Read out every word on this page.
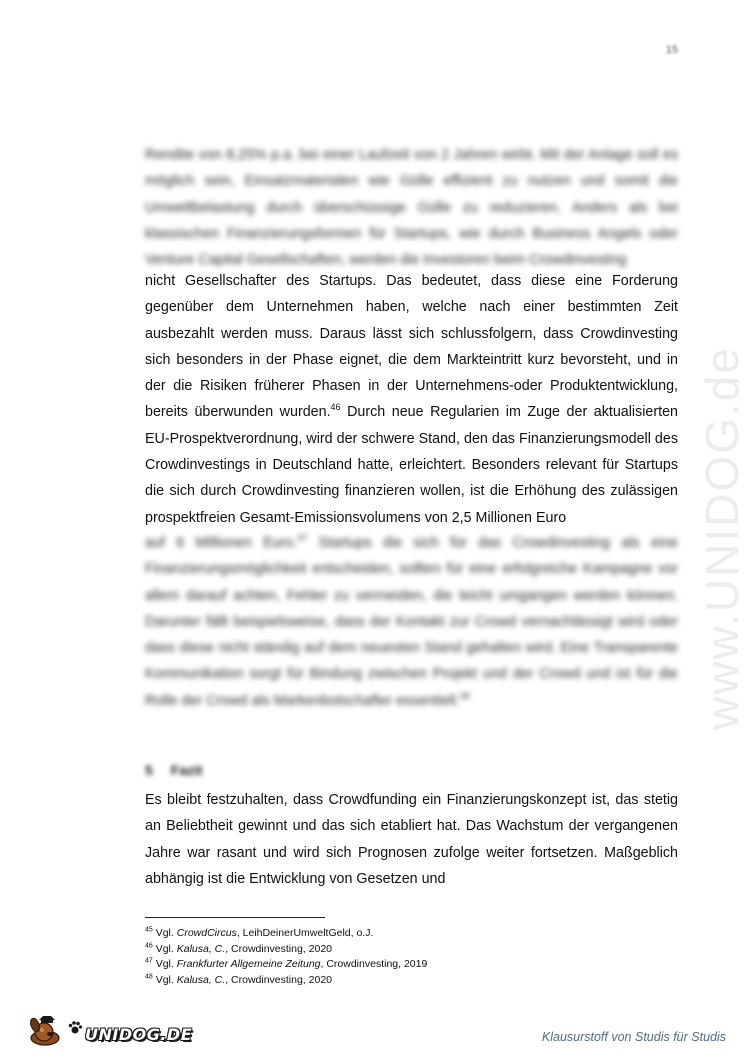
15
www.UNIDOG.de
Rendite von 8,25% p.a. bei einer Laufzeit von 2 Jahren wirbt. Mit der Anlage soll es möglich sein, Einsatzmaterialen wie Gülle effizient zu nutzen und somit die Umweltbelastung durch überschüssige Gülle zu reduzieren. Anders als bei klassischen Finanzierungsformen für Startups, wie durch Business Angels oder Venture Capital Gesellschaften, werden die Investoren beim Crowdinvesting
nicht Gesellschafter des Startups. Das bedeutet, dass diese eine Forderung gegenüber dem Unternehmen haben, welche nach einer bestimmten Zeit ausbezahlt werden muss. Daraus lässt sich schlussfolgern, dass Crowdinvesting sich besonders in der Phase eignet, die dem Markteintritt kurz bevorsteht, und in der die Risiken früherer Phasen in der Unternehmens-oder Produktentwicklung, bereits überwunden wurden.$^{46}$ Durch neue Regularien im Zuge der aktualisierten EU-Prospektverordnung, wird der schwere Stand, den das Finanzierungsmodell des Crowdinvestings in Deutschland hatte, erleichtert. Besonders relevant für Startups die sich durch Crowdinvesting finanzieren wollen, ist die Erhöhung des zulässigen prospektfreien Gesamt-Emissionsvolumens von 2,5 Millionen Euro
auf 6 Millionen Euro.$^{47}$ Startups die sich für das Crowdinvesting als eine Finanzierungsmöglichkeit entscheiden, sollten für eine erfolgreiche Kampagne vor allem darauf achten, Fehler zu vermeiden, die leicht umgangen werden können. Darunter fällt beispielsweise, dass der Kontakt zur Crowd vernachlässigt wird oder dass diese nicht ständig auf dem neuesten Stand gehalten wird. Eine Transparente Kommunikation sorgt für Bindung zwischen Projekt und der Crowd und ist für die Rolle der Crowd als Markenbotschafter essentiell.$^{48}$
5 Fazit
Es bleibt festzuhalten, dass Crowdfunding ein Finanzierungskonzept ist, das stetig an Beliebtheit gewinnt und das sich etabliert hat. Das Wachstum der vergangenen Jahre war rasant und wird sich Prognosen zufolge weiter fortsetzen. Maßgeblich abhängig ist die Entwicklung von Gesetzen und
$^{45}$ Vgl. CrowdCircus, LeihDeinerUmweltGeld, o.J.
$^{46}$ Vgl. Kalusa, C., Crowdinvesting, 2020
$^{47}$ Vgl. Frankfurter Allgemeine Zeitung, Crowdinvesting, 2019
$^{48}$ Vgl. Kalusa, C., Crowdinvesting, 2020
UNIDOG.DE	Klausurstoff von Studis für Studis
